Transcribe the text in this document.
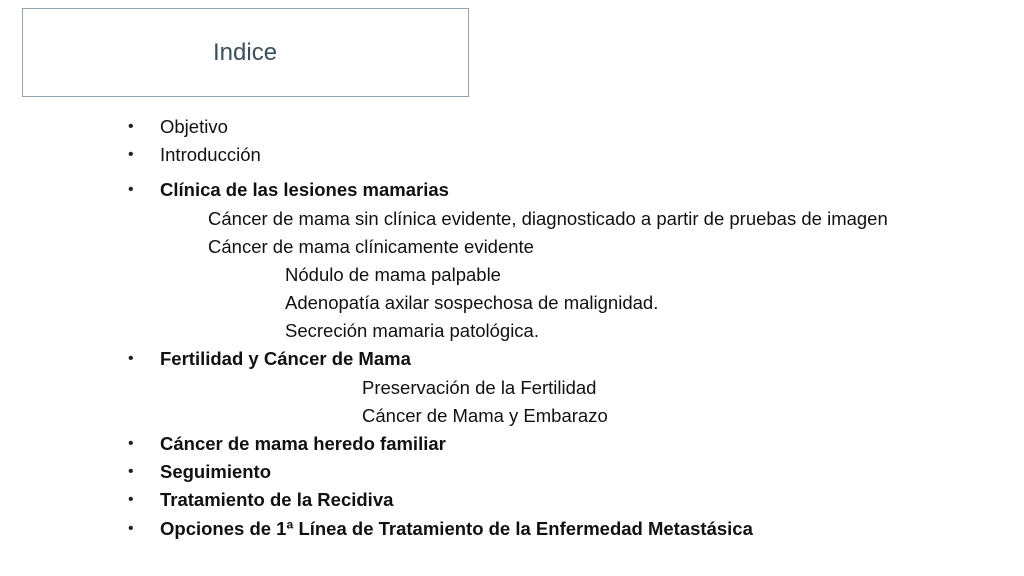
Indice
• Objetivo
• Introducción
• Clínica de las lesiones mamarias
Cáncer de mama sin clínica evidente, diagnosticado a partir de pruebas de imagen
Cáncer de mama clínicamente evidente
Nódulo de mama palpable
Adenopatía axilar sospechosa de malignidad.
Secreción mamaria patológica.
• Fertilidad y Cáncer de Mama
Preservación de la Fertilidad
Cáncer de Mama y Embarazo
• Cáncer de mama heredo familiar
• Seguimiento
• Tratamiento de la Recidiva
• Opciones de 1ª Línea de Tratamiento de la Enfermedad Metastásica
